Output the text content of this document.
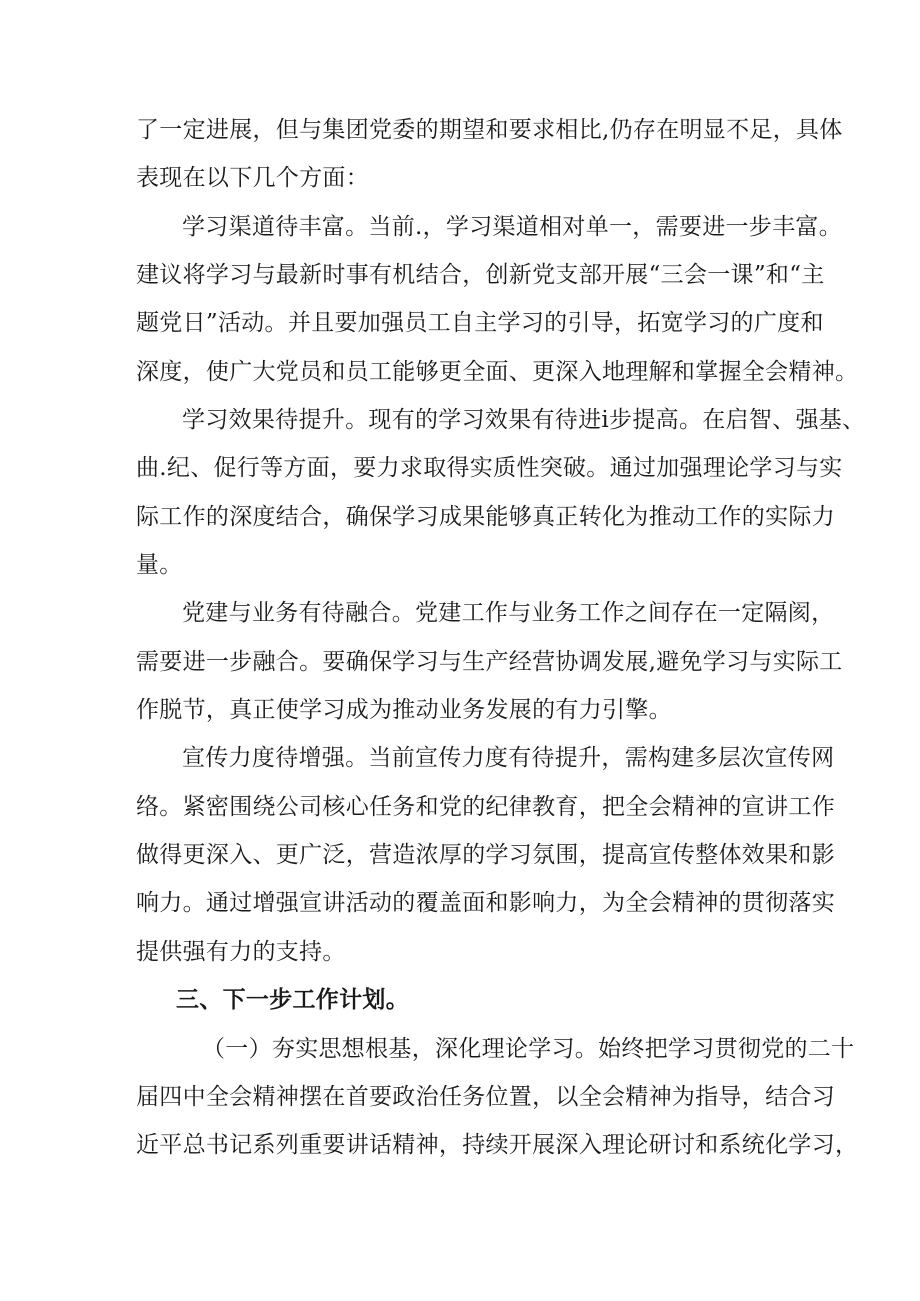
了一定进展，但与集团党委的期望和要求相比,仍存在明显不足，具体
表现在以下几个方面：
学习渠道待丰富。当前.，学习渠道相对单一，需要进一步丰富。
建议将学习与最新时事有机结合，创新党支部开展“三会一课”和“主
题党日”活动。并且要加强员工自主学习的引导，拓宽学习的广度和
深度，使广大党员和员工能够更全面、更深入地理解和掌握全会精神。
学习效果待提升。现有的学习效果有待进i步提高。在启智、强基、
曲.纪、促行等方面，要力求取得实质性突破。通过加强理论学习与实
际工作的深度结合，确保学习成果能够真正转化为推动工作的实际力
量。
党建与业务有待融合。党建工作与业务工作之间存在一定隔阂，
需要进一步融合。要确保学习与生产经营协调发展,避免学习与实际工
作脱节，真正使学习成为推动业务发展的有力引擎。
宣传力度待增强。当前宣传力度有待提升，需构建多层次宣传网
络。紧密围绕公司核心任务和党的纪律教育，把全会精神的宣讲工作
做得更深入、更广泛，营造浓厚的学习氛围，提高宣传整体效果和影
响力。通过增强宣讲活动的覆盖面和影响力，为全会精神的贯彻落实
提供强有力的支持。
三、下一步工作计划。
（一）夯实思想根基，深化理论学习。始终把学习贯彻党的二十
届四中全会精神摆在首要政治任务位置，以全会精神为指导，结合习
近平总书记系列重要讲话精神，持续开展深入理论研讨和系统化学习，
